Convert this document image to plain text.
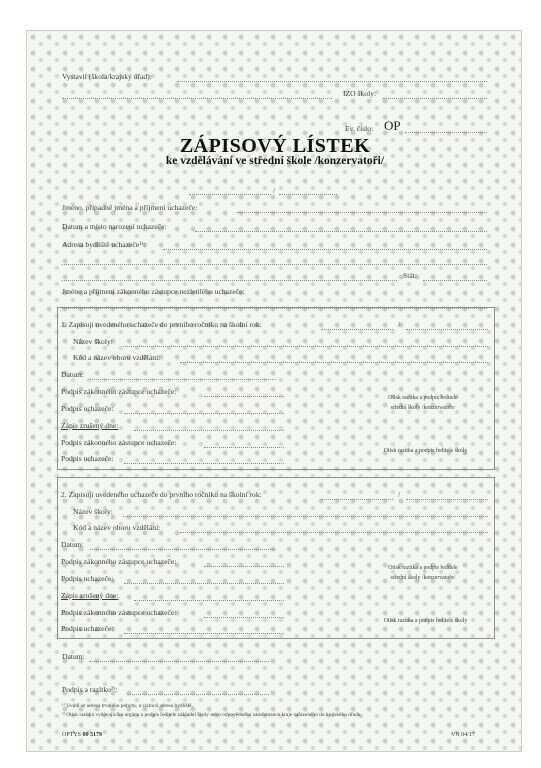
Vystavil (škola/krajský úřad):
IZO školy:
Ev. číslo: OP
ZÁPISOVÝ LÍSTEK
ke vzdělávání ve střední škole /konzervatoři/
/
Jméno, případně jména a příjmení uchazeče:
Datum a místo narození uchazeče:
Adresa bydliště uchazeče¹⁾:
Stát:
Jméno a příjmení zákonného zástupce nezletilého uchazeče:
1. Zapisuji uvedeného uchazeče do prvního ročníku na školní rok:	/
Název školy:
Kód a název oboru vzdělání:
Datum:
Podpis zákonného zástupce uchazeče:
Podpis uchazeče:
Otisk razítka a podpis ředitele
střední školy /konzervatoře/
Zápis zrušený dne:
Podpis zákonného zástupce uchazeče:
Podpis uchazeče:
Otisk razítka a podpis ředitele školy
2. Zapisuji uvedeného uchazeče do prvního ročníku na školní rok:	/
Název školy:
Kód a název oboru vzdělání:
Datum:
Podpis zákonného zástupce uchazeče:
Podpis uchazeče:
Otisk razítka a podpis ředitele
střední školy /konzervatoře/
Zápis zrušený dne:
Podpis zákonného zástupce uchazeče:
Podpis uchazeče:
Otisk razítka a podpis ředitele školy
Datum:
Podpis a razítko²⁾:
¹⁾ Uvádí se adresa trvalého pobytu, u cizinců adresa bydliště.
²⁾ Otisk razítka vydávajícího orgánu a podpis ředitele základní školy nebo odpovědného zaměstnance kraje zařazeného do krajského úřadu.
OPTYS 00 3179	VN 04/17
